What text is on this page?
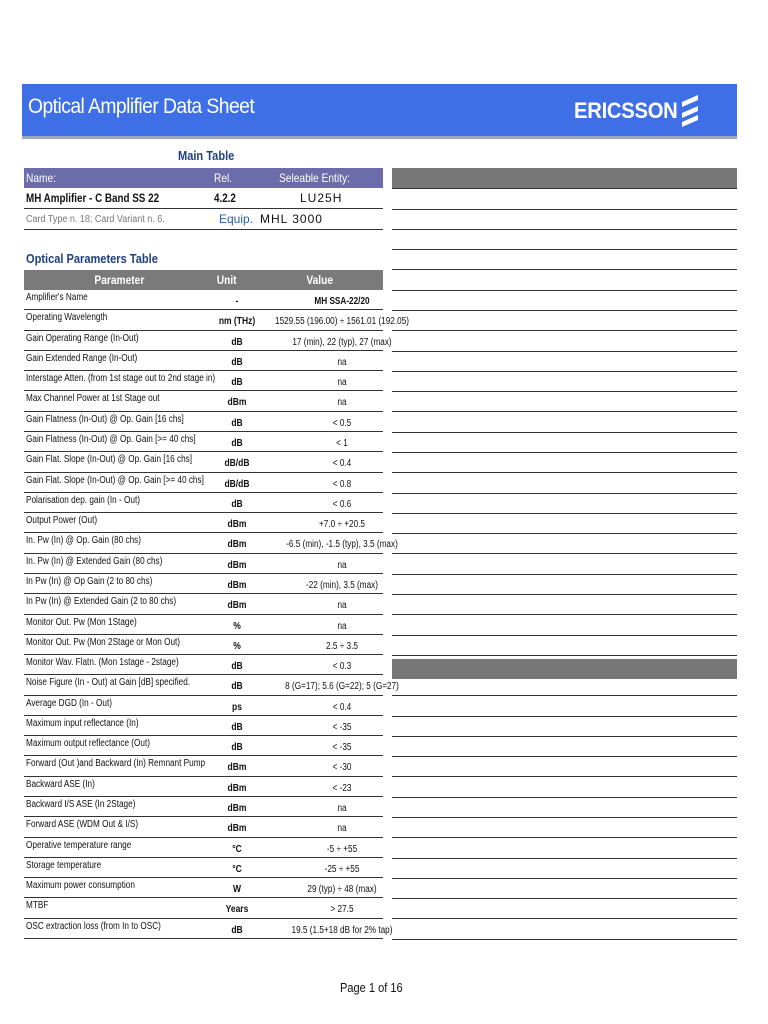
Optical Amplifier Data Sheet	ERICSSON
Main Table
Name:	Rel.	Seleable Entity:
MH Amplifier - C Band SS 22	4.2.2	LU25H
Card Type n. 18; Card Variant n. 6.	Equip. MHL 3000
Optical Parameters Table
Parameter	Unit	Value
Amplifier's Name	-	MH SSA-22/20
Operating Wavelength	nm (THz)	1529.55 (196.00) ÷ 1561.01 (192.05)
Gain Operating Range (In-Out)	dB	17 (min), 22 (typ), 27 (max)
Gain Extended Range (In-Out)	dB	na
Interstage Atten. (from 1st stage out to 2nd stage in)	dB	na
Max Channel Power at 1st Stage out	dBm	na
Gain Flatness (In-Out) @ Op. Gain [16 chs]	dB	< 0.5
Gain Flatness (In-Out) @ Op. Gain [>= 40 chs]	dB	< 1
Gain Flat. Slope (In-Out) @ Op. Gain [16 chs]	dB/dB	< 0.4
Gain Flat. Slope (In-Out) @ Op. Gain [>= 40 chs]	dB/dB	< 0.8
Polarisation dep. gain (In - Out)	dB	< 0.6
Output Power (Out)	dBm	+7.0 ÷ +20.5
In. Pw (In) @ Op. Gain (80 chs)	dBm	-6.5 (min), -1.5 (typ), 3.5 (max)
In. Pw (In) @ Extended Gain (80 chs)	dBm	na
In Pw (In) @ Op Gain (2 to 80 chs)	dBm	-22 (min), 3.5 (max)
In Pw (In) @ Extended Gain (2 to 80 chs)	dBm	na
Monitor Out. Pw (Mon 1Stage)	%	na
Monitor Out. Pw (Mon 2Stage or Mon Out)	%	2.5 ÷ 3.5
Monitor Wav. Flatn. (Mon 1stage - 2stage)	dB	< 0.3
Noise Figure (In - Out) at Gain [dB] specified.	dB	8 (G=17); 5.6 (G=22); 5 (G=27)
Average DGD (In - Out)	ps	< 0.4
Maximum input reflectance (In)	dB	< -35
Maximum output reflectance (Out)	dB	< -35
Forward (Out )and Backward (In) Remnant Pump	dBm	< -30
Backward ASE (In)	dBm	< -23
Backward I/S ASE (In 2Stage)	dBm	na
Forward ASE (WDM Out & I/S)	dBm	na
Operative temperature range	°C	-5 ÷ +55
Storage temperature	°C	-25 ÷ +55
Maximum power consumption	W	29 (typ) ÷ 48 (max)
MTBF	Years	> 27.5
OSC extraction loss (from In to OSC)	dB	19.5 (1.5+18 dB for 2% tap)
Page 1 of 16
